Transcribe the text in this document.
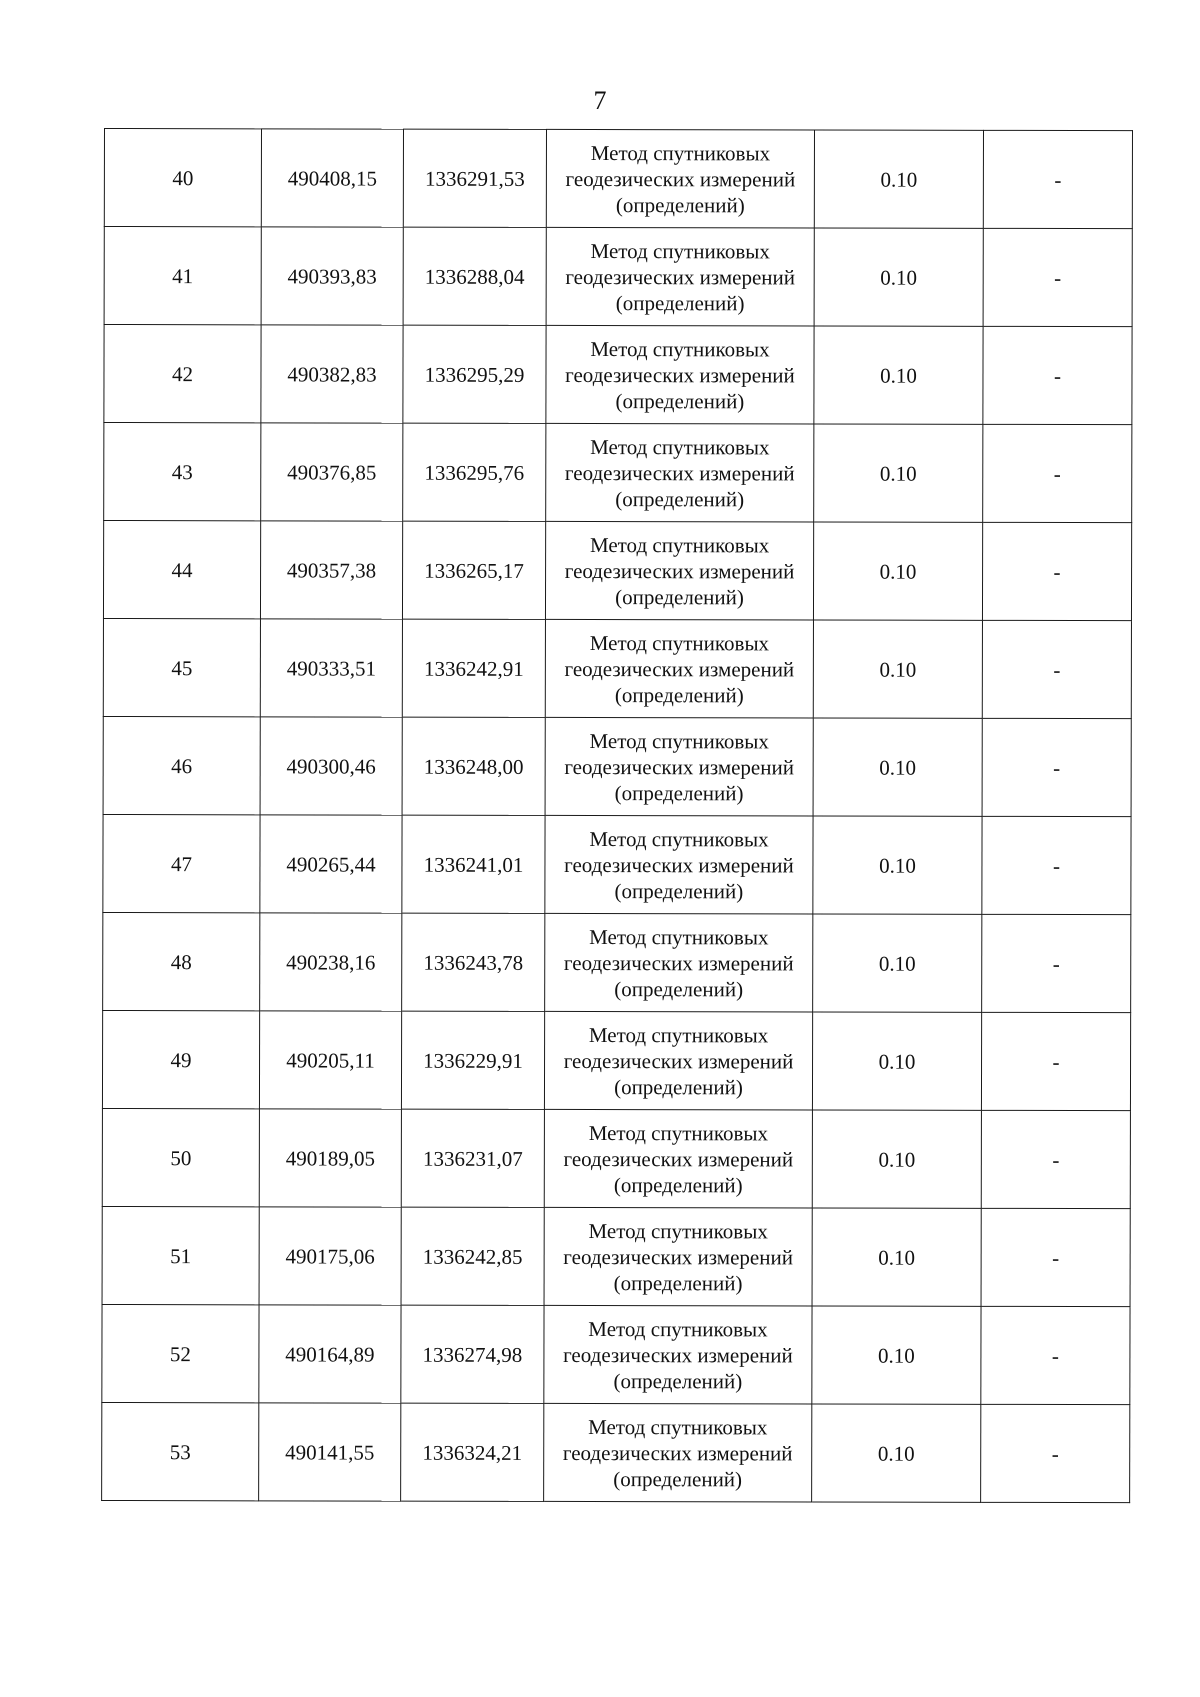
7
40	490408,15	1336291,53	Метод спутниковых
геодезических измерений
(определений)	0.10	-
41	490393,83	1336288,04	Метод спутниковых
геодезических измерений
(определений)	0.10	-
42	490382,83	1336295,29	Метод спутниковых
геодезических измерений
(определений)	0.10	-
43	490376,85	1336295,76	Метод спутниковых
геодезических измерений
(определений)	0.10	-
44	490357,38	1336265,17	Метод спутниковых
геодезических измерений
(определений)	0.10	-
45	490333,51	1336242,91	Метод спутниковых
геодезических измерений
(определений)	0.10	-
46	490300,46	1336248,00	Метод спутниковых
геодезических измерений
(определений)	0.10	-
47	490265,44	1336241,01	Метод спутниковых
геодезических измерений
(определений)	0.10	-
48	490238,16	1336243,78	Метод спутниковых
геодезических измерений
(определений)	0.10	-
49	490205,11	1336229,91	Метод спутниковых
геодезических измерений
(определений)	0.10	-
50	490189,05	1336231,07	Метод спутниковых
геодезических измерений
(определений)	0.10	-
51	490175,06	1336242,85	Метод спутниковых
геодезических измерений
(определений)	0.10	-
52	490164,89	1336274,98	Метод спутниковых
геодезических измерений
(определений)	0.10	-
53	490141,55	1336324,21	Метод спутниковых
геодезических измерений
(определений)	0.10	-
